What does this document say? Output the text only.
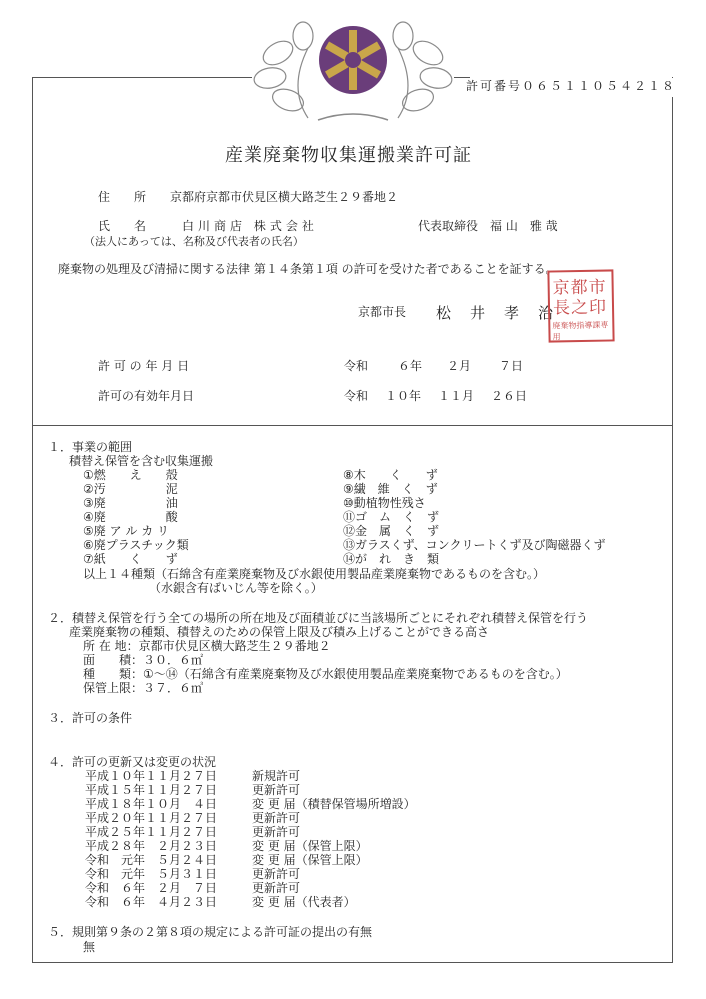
許可番号０６５１１０５４２１８
産業廃棄物収集運搬業許可証
住　　所 京都府京都市伏見区横大路芝生２９番地２
氏　　名	白川商店 株式会社	代表取締役　福 山　雅 哉
（法人にあっては、名称及び代表者の氏名）
廃棄物の処理及び清掃に関する法律 第１４条第１項 の許可を受けた者であることを証する。
京都市長 松　井　孝　治
京都市
長之印
廃棄物指導課専用
許 可 の 年 月 日	令和 ６年 ２月 ７日
許可の有効年月日	令和 １０年 １１月 ２６日
１．事業の範囲
積替え保管を含む収集運搬
①燃　　え　　殻
②汚　　　　　泥
③廃　　　　　油
④廃　　　　　酸
⑤廃 ア ル カ リ
⑥廃プラスチック類
⑦紙　　く　　ず
⑧木　　く　　ず
⑨繊　維　く　ず
⑩動植物性残さ
⑪ゴ　ム　く　ず
⑫金　属　く　ず
⑬ガラスくず、コンクリートくず及び陶磁器くず
⑭が　れ　き　類
以上１４種類（石綿含有産業廃棄物及び水銀使用製品産業廃棄物であるものを含む。）
（水銀含有ばいじん等を除く。）
２．積替え保管を行う全ての場所の所在地及び面積並びに当該場所ごとにそれぞれ積替え保管を行う
産業廃棄物の種類、積替えのための保管上限及び積み上げることができる高さ
所 在 地：京都市伏見区横大路芝生２９番地２
面　　積：３０．６㎡
種　　類：①～⑭（石綿含有産業廃棄物及び水銀使用製品産業廃棄物であるものを含む。）
保管上限：３７．６㎥
３．許可の条件
４．許可の更新又は変更の状況
平成１０年１１月２７日	新規許可
平成１５年１１月２７日	更新許可
平成１８年１０月　４日	変 更 届（積替保管場所増設）
平成２０年１１月２７日	更新許可
平成２５年１１月２７日	更新許可
平成２８年　２月２３日	変 更 届（保管上限）
令和　元年　５月２４日	変 更 届（保管上限）
令和　元年　５月３１日	更新許可
令和　６年　２月　７日	更新許可
令和　６年　４月２３日	変 更 届（代表者）
５．規則第９条の２第８項の規定による許可証の提出の有無
無
